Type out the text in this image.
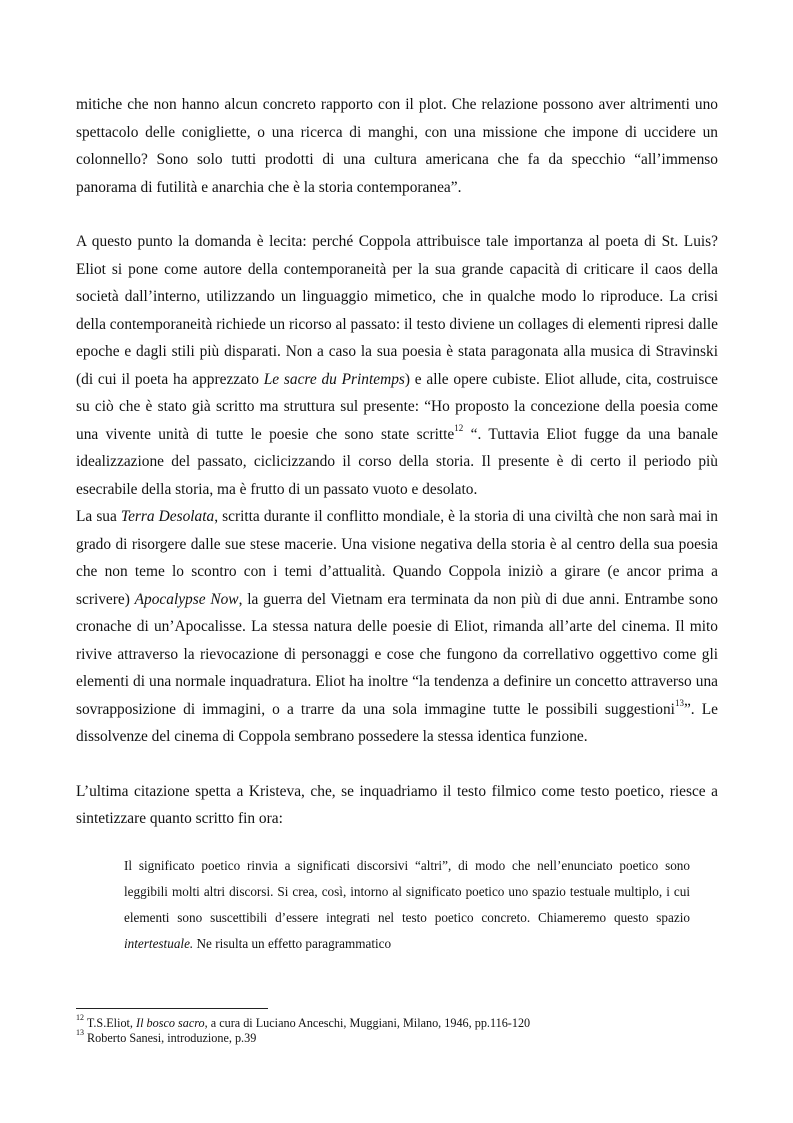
mitiche che non hanno alcun concreto rapporto con il plot. Che relazione possono aver altrimenti uno spettacolo delle conigliette, o una ricerca di manghi, con una missione che impone di uccidere un colonnello? Sono solo tutti prodotti di una cultura americana che fa da specchio “all’immenso panorama di futilità e anarchia che è la storia contemporanea”.

A questo punto la domanda è lecita: perché Coppola attribuisce tale importanza al poeta di St. Luis? Eliot si pone come autore della contemporaneità per la sua grande capacità di criticare il caos della società dall’interno, utilizzando un linguaggio mimetico, che in qualche modo lo riproduce. La crisi della contemporaneità richiede un ricorso al passato: il testo diviene un collages di elementi ripresi dalle epoche e dagli stili più disparati. Non a caso la sua poesia è stata paragonata alla musica di Stravinski (di cui il poeta ha apprezzato Le sacre du Printemps) e alle opere cubiste. Eliot allude, cita, costruisce su ciò che è stato già scritto ma struttura sul presente: “Ho proposto la concezione della poesia come una vivente unità di tutte le poesie che sono state scritte$^{12}$ “. Tuttavia Eliot fugge da una banale idealizzazione del passato, ciclicizzando il corso della storia. Il presente è di certo il periodo più esecrabile della storia, ma è frutto di un passato vuoto e desolato.

La sua Terra Desolata, scritta durante il conflitto mondiale, è la storia di una civiltà che non sarà mai in grado di risorgere dalle sue stese macerie. Una visione negativa della storia è al centro della sua poesia che non teme lo scontro con i temi d’attualità. Quando Coppola iniziò a girare (e ancor prima a scrivere) Apocalypse Now, la guerra del Vietnam era terminata da non più di due anni. Entrambe sono cronache di un’Apocalisse. La stessa natura delle poesie di Eliot, rimanda all’arte del cinema. Il mito rivive attraverso la rievocazione di personaggi e cose che fungono da correllativo oggettivo come gli elementi di una normale inquadratura. Eliot ha inoltre “la tendenza a definire un concetto attraverso una sovrapposizione di immagini, o a trarre da una sola immagine tutte le possibili suggestioni$^{13}$”. Le dissolvenze del cinema di Coppola sembrano possedere la stessa identica funzione.

L’ultima citazione spetta a Kristeva, che, se inquadriamo il testo filmico come testo poetico, riesce a sintetizzare quanto scritto fin ora:

Il significato poetico rinvia a significati discorsivi “altri”, di modo che nell’enunciato poetico sono leggibili molti altri discorsi. Si crea, così, intorno al significato poetico uno spazio testuale multiplo, i cui elementi sono suscettibili d’essere integrati nel testo poetico concreto. Chiameremo questo spazio intertestuale. Ne risulta un effetto paragrammatico

$^{12}$ T.S.Eliot, Il bosco sacro, a cura di Luciano Anceschi, Muggiani, Milano, 1946, pp.116-120
$^{13}$ Roberto Sanesi, introduzione, p.39
